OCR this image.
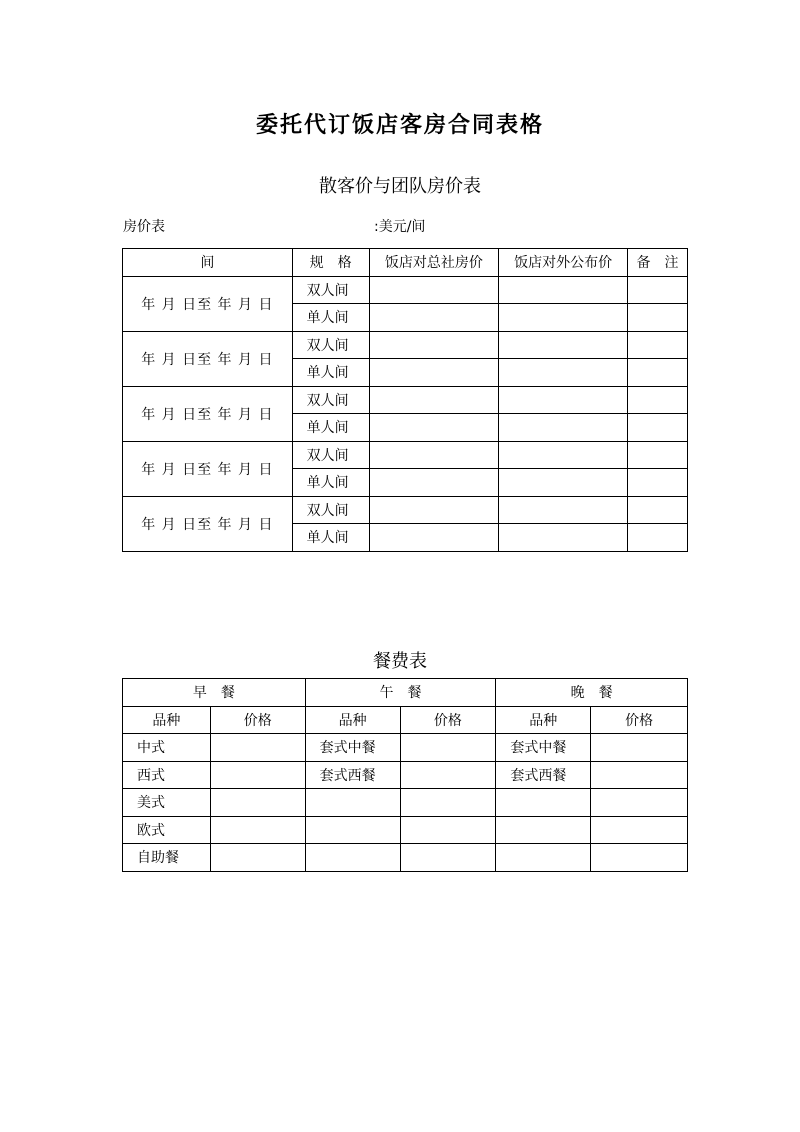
委托代订饭店客房合同表格
散客价与团队房价表
房价表	:美元/间
间	规　格	饭店对总社房价	饭店对外公布价	备　注
年 月 日至 年 月 日	双人间			
	单人间			
年 月 日至 年 月 日	双人间			
	单人间			
年 月 日至 年 月 日	双人间			
	单人间			
年 月 日至 年 月 日	双人间			
	单人间			
年 月 日至 年 月 日	双人间			
	单人间			
餐费表
早　餐		午　餐		晚　餐	
品种	价格	品种	价格	品种	价格
中式		套式中餐		套式中餐	
西式		套式西餐		套式西餐	
美式					
欧式					
自助餐					
